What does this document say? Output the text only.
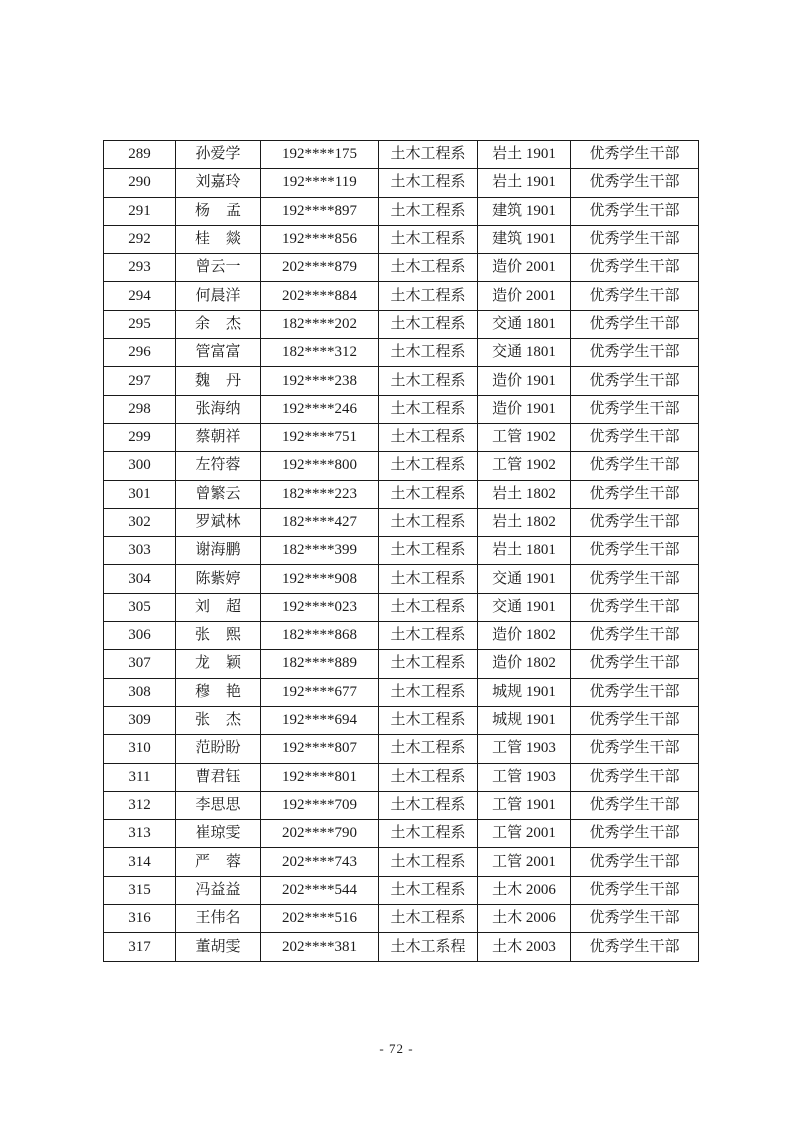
289	孙爱学	192****175	土木工程系	岩土 1901	优秀学生干部
290	刘嘉玲	192****119	土木工程系	岩土 1901	优秀学生干部
291	杨孟	192****897	土木工程系	建筑 1901	优秀学生干部
292	桂燚	192****856	土木工程系	建筑 1901	优秀学生干部
293	曾云一	202****879	土木工程系	造价 2001	优秀学生干部
294	何晨洋	202****884	土木工程系	造价 2001	优秀学生干部
295	余杰	182****202	土木工程系	交通 1801	优秀学生干部
296	管富富	182****312	土木工程系	交通 1801	优秀学生干部
297	魏丹	192****238	土木工程系	造价 1901	优秀学生干部
298	张海纳	192****246	土木工程系	造价 1901	优秀学生干部
299	蔡朝祥	192****751	土木工程系	工管 1902	优秀学生干部
300	左符蓉	192****800	土木工程系	工管 1902	优秀学生干部
301	曾繁云	182****223	土木工程系	岩土 1802	优秀学生干部
302	罗斌林	182****427	土木工程系	岩土 1802	优秀学生干部
303	谢海鹏	182****399	土木工程系	岩土 1801	优秀学生干部
304	陈紫婷	192****908	土木工程系	交通 1901	优秀学生干部
305	刘超	192****023	土木工程系	交通 1901	优秀学生干部
306	张熙	182****868	土木工程系	造价 1802	优秀学生干部
307	龙颖	182****889	土木工程系	造价 1802	优秀学生干部
308	穆艳	192****677	土木工程系	城规 1901	优秀学生干部
309	张杰	192****694	土木工程系	城规 1901	优秀学生干部
310	范盼盼	192****807	土木工程系	工管 1903	优秀学生干部
311	曹君钰	192****801	土木工程系	工管 1903	优秀学生干部
312	李思思	192****709	土木工程系	工管 1901	优秀学生干部
313	崔琼雯	202****790	土木工程系	工管 2001	优秀学生干部
314	严蓉	202****743	土木工程系	工管 2001	优秀学生干部
315	冯益益	202****544	土木工程系	土木 2006	优秀学生干部
316	王伟名	202****516	土木工程系	土木 2006	优秀学生干部
317	董胡雯	202****381	土木工系程	土木 2003	优秀学生干部
- 72 -
